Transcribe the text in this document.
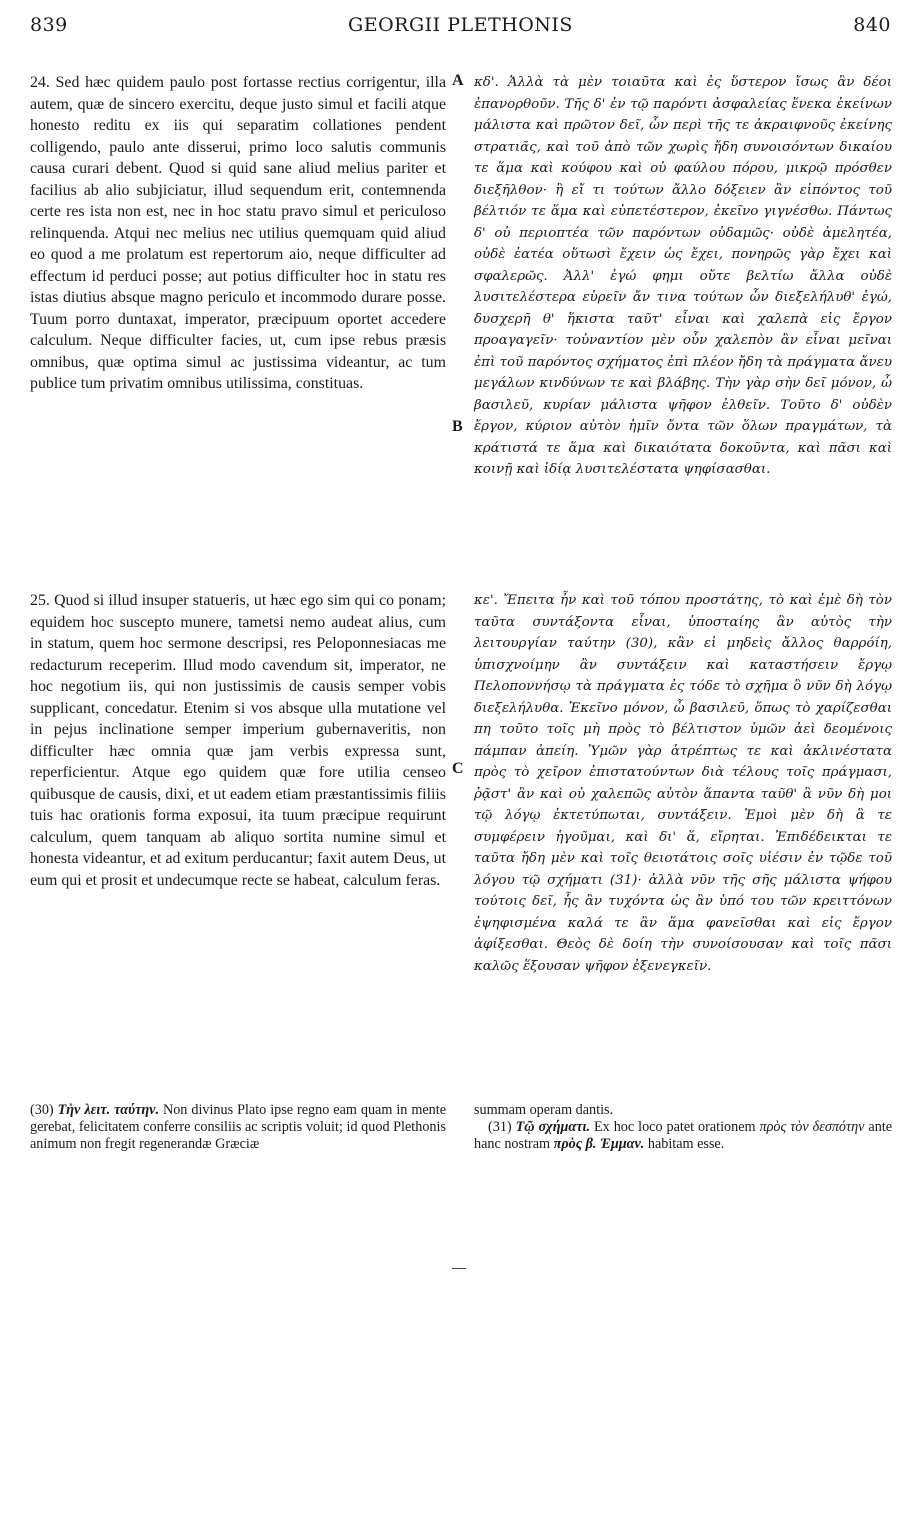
839	GEORGII PLETHONIS	840

24. Sed hæc quidem paulo post fortasse rectius corrigentur, illa autem, quæ de sincero exercitu, deque justo simul et facili atque honesto reditu ex iis qui separatim collationes pendent colligendo, paulo ante disserui, primo loco salutis communis causa curari debent. Quod si quid sane aliud melius pariter et facilius ab alio subjiciatur, illud sequendum erit, contemnenda certe res ista non est, nec in hoc statu pravo simul et periculoso relinquenda. Atqui nec melius nec utilius quemquam quid aliud eo quod a me prolatum est repertorum aio, neque difficulter ad effectum id perduci posse; aut potius difficulter hoc in statu res istas diutius absque magno periculo et incommodo durare posse. Tuum porro duntaxat, imperator, præcipuum oportet accedere calculum. Neque difficulter facies, ut, cum ipse rebus præsis omnibus, quæ optima simul ac justissima videantur, ac tum publice tum privatim omnibus utilissima, constituas.

25. Quod si illud insuper statueris, ut hæc ego sim qui co ponam; equidem hoc suscepto munere, tametsi nemo audeat alius, cum in statum, quem hoc sermone descripsi, res Peloponnesiacas me redacturum receperim. Illud modo cavendum sit, imperator, ne hoc negotium iis, qui non justissimis de causis semper vobis supplicant, concedatur. Etenim si vos absque ulla mutatione vel in pejus inclinatione semper imperium gubernaveritis, non difficulter hæc omnia quæ jam verbis expressa sunt, reperficientur. Atque ego quidem quæ fore utilia censeo quibusque de causis, dixi, et ut eadem etiam præstantissimis filiis tuis hac orationis forma exposui, ita tuum præcipue requirunt calculum, quem tanquam ab aliquo sortita numine simul et honesta videantur, et ad exitum perducantur; faxit autem Deus, ut eum qui et prosit et undecumque recte se habeat, calculum feras.

κδ'. Ἀλλὰ τὰ μὲν τοιαῦτα καὶ ἐς ὕστερον ἴσως ἂν δέοι ἐπανορθοῦν. Τῆς δ' ἐν τῷ παρόντι ἀσφαλείας ἕνεκα ἐκείνων μάλιστα καὶ πρῶτον δεῖ, ὧν περὶ τῆς τε ἀκραιφνοῦς ἐκείνης στρατιᾶς, καὶ τοῦ ἀπὸ τῶν χωρὶς ἤδη συνοισόντων δικαίου τε ἅμα καὶ κούφου καὶ οὐ φαύλου πόρου, μικρῷ πρόσθεν διεξῆλθον· ἢ εἴ τι τούτων ἄλλο δόξειεν ἂν εἰπόντος τοῦ βέλτιόν τε ἅμα καὶ εὐπετέστερον, ἐκεῖνο γιγνέσθω. Πάντως δ' οὐ περιοπτέα τῶν παρόντων οὐδαμῶς· οὐδὲ ἀμελητέα, οὐδὲ ἐατέα οὕτωσὶ ἔχειν ὡς ἔχει, πονηρῶς γὰρ ἔχει καὶ σφαλερῶς. Ἀλλ' ἐγώ φημι οὔτε βελτίω ἄλλα οὐδὲ λυσιτελέστερα εὑρεῖν ἄν τινα τούτων ὧν διεξελήλυθ' ἐγώ, δυσχερῆ θ' ἥκιστα ταῦτ' εἶναι καὶ χαλεπὰ εἰς ἔργον προαγαγεῖν· τοὐναντίον μὲν οὖν χαλεπὸν ἂν εἶναι μεῖναι ἐπὶ τοῦ παρόντος σχήματος ἐπὶ πλέον ἤδη τὰ πράγματα ἄνευ μεγάλων κινδύνων τε καὶ βλάβης. Τὴν γὰρ σὴν δεῖ μόνον, ὦ βασιλεῦ, κυρίαν μάλιστα ψῆφον ἐλθεῖν. Τοῦτο δ' οὐδὲν ἔργον, κύριον αὐτὸν ἡμῖν ὄντα τῶν ὅλων πραγμάτων, τὰ κράτιστά τε ἅμα καὶ δικαιότατα δοκοῦντα, καὶ πᾶσι καὶ κοινῇ καὶ ἰδίᾳ λυσιτελέστατα ψηφίσασθαι.

κε'. Ἔπειτα ἦν καὶ τοῦ τόπου προστάτης, τὸ καὶ ἐμὲ δὴ τὸν ταῦτα συντάξοντα εἶναι, ὑποσταίης ἂν αὐτὸς τὴν λειτουργίαν ταύτην (30), κἂν εἰ μηδεὶς ἄλλος θαρρόίη, ὑπισχνοίμην ἂν συντάξειν καὶ καταστήσειν ἔργῳ Πελοποννήσῳ τὰ πράγματα ἐς τόδε τὸ σχῆμα ὃ νῦν δὴ λόγῳ διεξελήλυθα. Ἐκεῖνο μόνον, ὦ βασιλεῦ, ὅπως τὸ χαρίζεσθαι πη τοῦτο τοῖς μὴ πρὸς τὸ βέλτιστον ὑμῶν ἀεὶ δεομένοις πάμπαν ἀπείη. Ὑμῶν γὰρ ἀτρέπτως τε καὶ ἀκλινέστατα πρὸς τὸ χεῖρον ἐπιστατούντων διὰ τέλους τοῖς πράγμασι, ῥᾷστ' ἂν καὶ οὐ χαλεπῶς αὐτὸν ἅπαντα ταῦθ' ἃ νῦν δὴ μοι τῷ λόγῳ ἐκτετύπωται, συντάξειν. Ἐμοὶ μὲν δὴ ἃ τε συμφέρειν ἡγοῦμαι, καὶ δι' ἅ, εἴρηται. Ἐπιδέδεικται τε ταῦτα ἤδη μὲν καὶ τοῖς θειοτάτοις σοῖς υἱέσιν ἐν τῷδε τοῦ λόγου τῷ σχήματι (31)· ἀλλὰ νῦν τῆς σῆς μάλιστα ψήφου τούτοις δεῖ, ἧς ἂν τυχόντα ὡς ἂν ὑπό του τῶν κρειττόνων ἐψηφισμένα καλά τε ἂν ἅμα φανεῖσθαι καὶ εἰς ἔργον ἀφίξεσθαι. Θεὸς δὲ δοίη τὴν συνοίσουσαν καὶ τοῖς πᾶσι καλῶς ἕξουσαν ψῆφον ἐξενεγκεῖν.

A
B
C
(30) Τὴν λειτ. ταύτην. Non divinus Plato ipse regno eam quam in mente gerebat, felicitatem conferre consiliis ac scriptis voluit; id quod Plethonis animum non fregit regenerandæ Græciæ
summam operam dantis.
(31) Τῷ σχήματι. Ex hoc loco patet orationem πρὸς τὸν δεσπότην ante hanc nostram πρὸς β. Ἐμμαν. habitam esse.
